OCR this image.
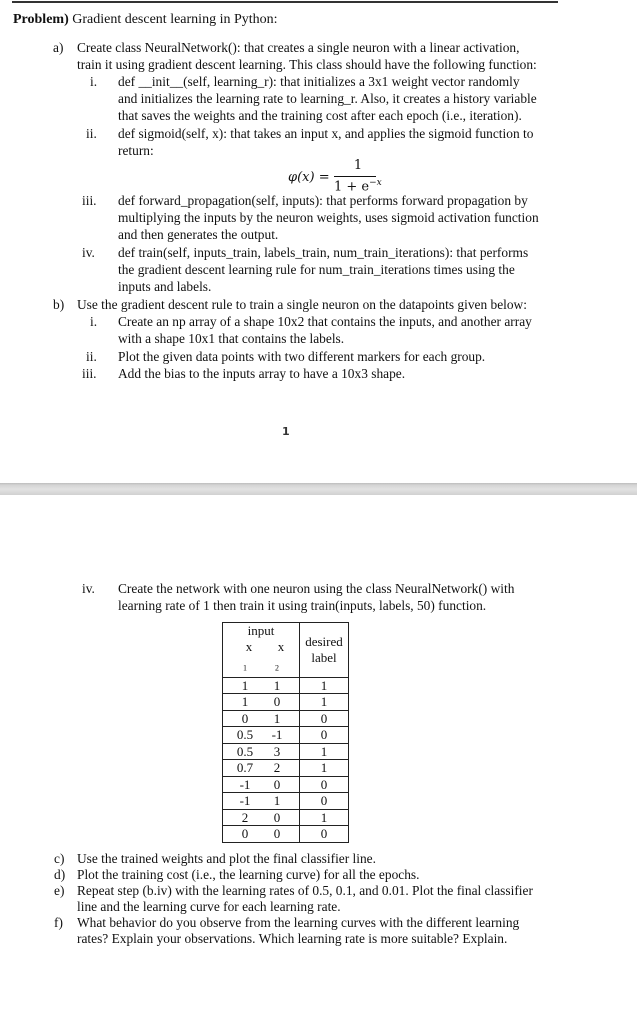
Problem) Gradient descent learning in Python:
a) Create class NeuralNetwork(): that creates a single neuron with a linear activation,
train it using gradient descent learning. This class should have the following function:
i. def __init__(self, learning_r): that initializes a 3x1 weight vector randomly
and initializes the learning rate to learning_r. Also, it creates a history variable
that saves the weights and the training cost after each epoch (i.e., iteration).
ii. def sigmoid(self, x): that takes an input x, and applies the sigmoid function to
return:
φ(x) =
1
$1 + e^{-x}$
iii. def forward_propagation(self, inputs): that performs forward propagation by
multiplying the inputs by the neuron weights, uses sigmoid activation function
and then generates the output.
iv. def train(self, inputs_train, labels_train, num_train_iterations): that performs
the gradient descent learning rule for num_train_iterations times using the
inputs and labels.
b) Use the gradient descent rule to train a single neuron on the datapoints given below:
i. Create an np array of a shape 10x2 that contains the inputs, and another array
with a shape 10x1 that contains the labels.
ii. Plot the given data points with two different markers for each group.
iii. Add the bias to the inputs array to have a 10x3 shape.
1
iv. Create the network with one neuron using the class NeuralNetwork() with
learning rate of 1 then train it using train(inputs, labels, 50) function.
input
$x_1$
$x_2$

desired
label

1 1	1

1 0	1

0 1	0

0.5 -1	0

0.5 3	1

0.7 2	1

-1 0	0

-1 1	0

2 0	1

0 0	0
c) Use the trained weights and plot the final classifier line.
d) Plot the training cost (i.e., the learning curve) for all the epochs.
e) Repeat step (b.iv) with the learning rates of 0.5, 0.1, and 0.01. Plot the final classifier
line and the learning curve for each learning rate.
f) What behavior do you observe from the learning curves with the different learning
rates? Explain your observations. Which learning rate is more suitable? Explain.
